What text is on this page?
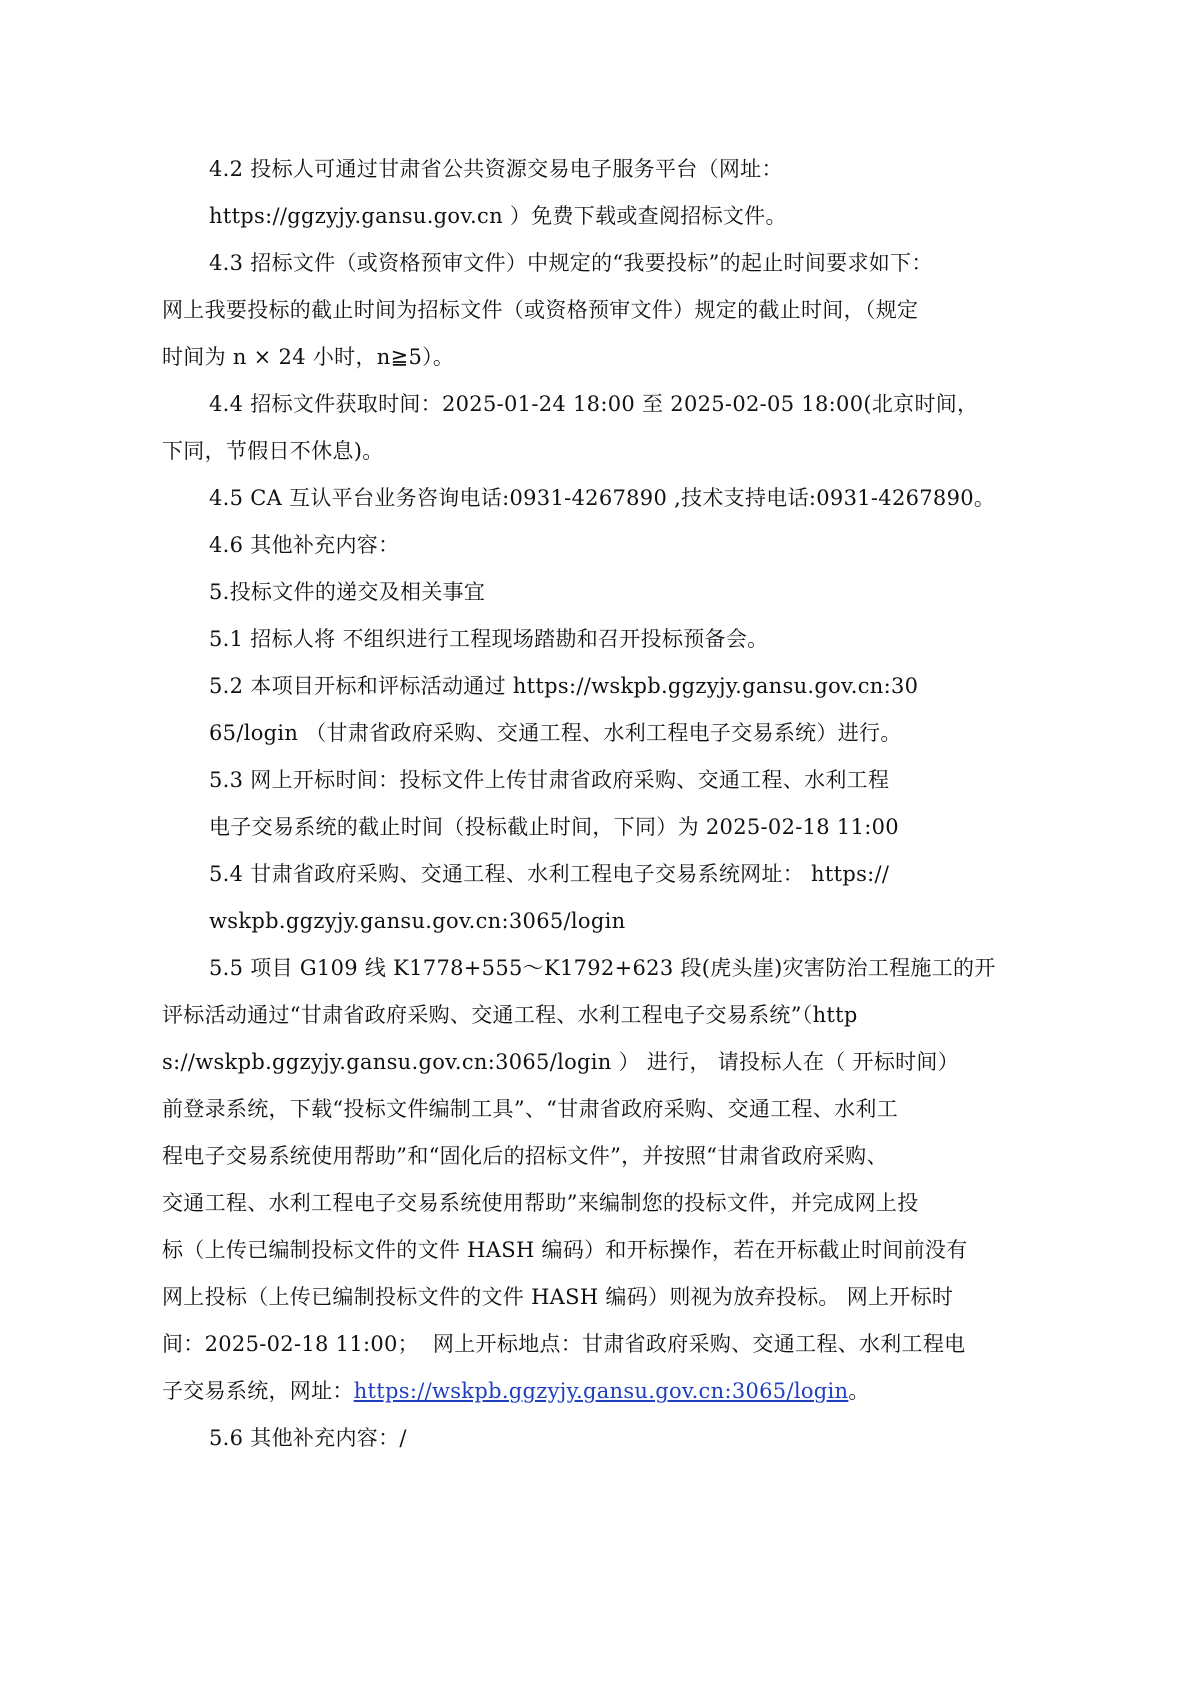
4.2 投标人可通过甘肃省公共资源交易电子服务平台（网址：
https://ggzyjy.gansu.gov.cn ）免费下载或查阅招标文件。
4.3 招标文件（或资格预审文件）中规定的“我要投标”的起止时间要求如下：
网上我要投标的截止时间为招标文件（或资格预审文件）规定的截止时间，（规定
时间为 n × 24 小时，n≧5）。
4.4 招标文件获取时间：2025-01-24 18:00 至 2025-02-05 18:00(北京时间，
下同，节假日不休息)。
4.5 CA 互认平台业务咨询电话:0931-4267890 ,技术支持电话:0931-4267890。
4.6 其他补充内容：
5.投标文件的递交及相关事宜
5.1 招标人将 不组织进行工程现场踏勘和召开投标预备会。
5.2 本项目开标和评标活动通过 https://wskpb.ggzyjy.gansu.gov.cn:30
65/login （甘肃省政府采购、交通工程、水利工程电子交易系统）进行。
5.3 网上开标时间：投标文件上传甘肃省政府采购、交通工程、水利工程
电子交易系统的截止时间（投标截止时间，下同）为 2025-02-18 11:00
5.4 甘肃省政府采购、交通工程、水利工程电子交易系统网址： https://
wskpb.ggzyjy.gansu.gov.cn:3065/login
5.5 项目 G109 线 K1778+555～K1792+623 段(虎头崖)灾害防治工程施工的开
评标活动通过“甘肃省政府采购、交通工程、水利工程电子交易系统”（http
s://wskpb.ggzyjy.gansu.gov.cn:3065/login ） 进行， 请投标人在（ 开标时间）
前登录系统，下载“投标文件编制工具”、“甘肃省政府采购、交通工程、水利工
程电子交易系统使用帮助”和“固化后的招标文件”，并按照“甘肃省政府采购、
交通工程、水利工程电子交易系统使用帮助”来编制您的投标文件，并完成网上投
标（上传已编制投标文件的文件 HASH 编码）和开标操作，若在开标截止时间前没有
网上投标（上传已编制投标文件的文件 HASH 编码）则视为放弃投标。 网上开标时
间：2025-02-18 11:00；  网上开标地点：甘肃省政府采购、交通工程、水利工程电
子交易系统，网址：https://wskpb.ggzyjy.gansu.gov.cn:3065/login。
5.6 其他补充内容：/
